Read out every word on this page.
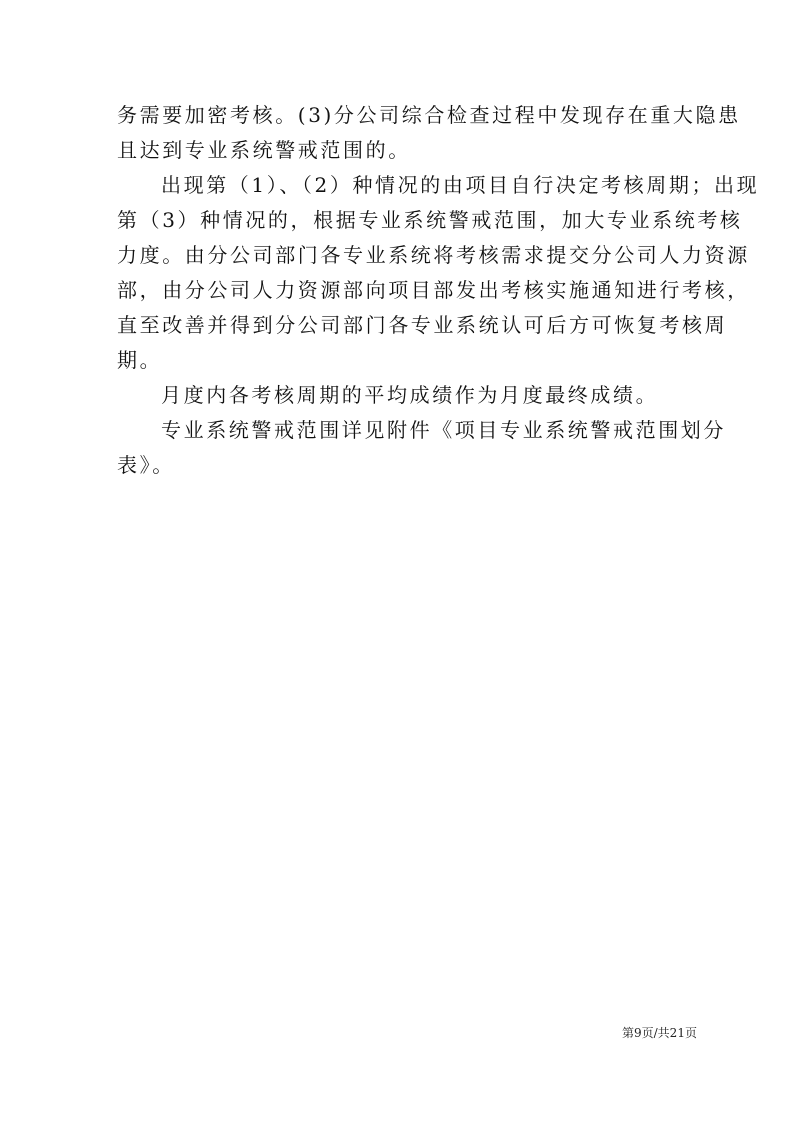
务需要加密考核。(3)分公司综合检查过程中发现存在重大隐患
且达到专业系统警戒范围的。
出现第（1）、（2）种情况的由项目自行决定考核周期；出现
第（3）种情况的，根据专业系统警戒范围，加大专业系统考核
力度。由分公司部门各专业系统将考核需求提交分公司人力资源
部，由分公司人力资源部向项目部发出考核实施通知进行考核，
直至改善并得到分公司部门各专业系统认可后方可恢复考核周
期。
月度内各考核周期的平均成绩作为月度最终成绩。
专业系统警戒范围详见附件《项目专业系统警戒范围划分
表》。
第9页/共21页
